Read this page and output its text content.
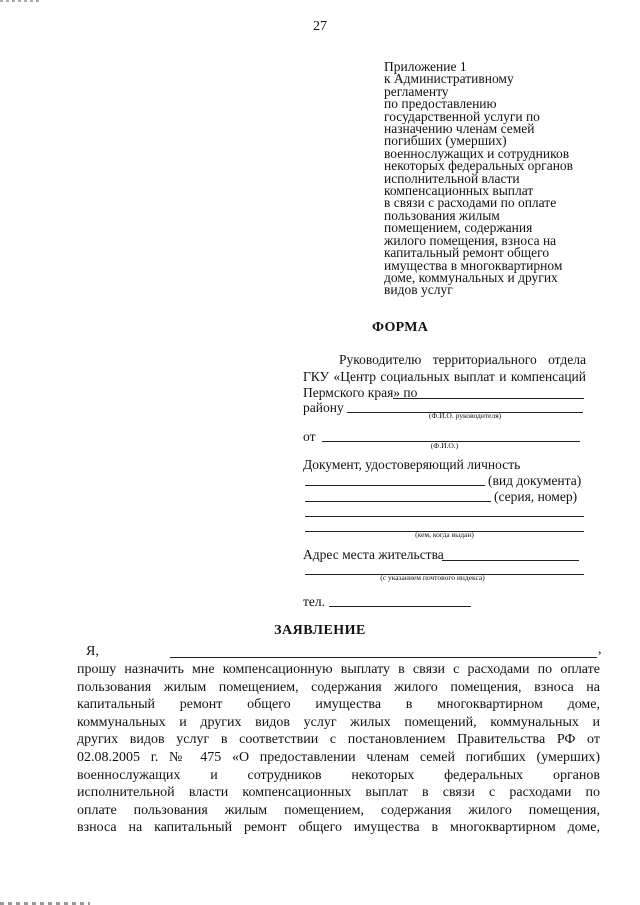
27
Приложение 1
к Административному
регламенту
по предоставлению
государственной услуги по
назначению членам семей
погибших (умерших)
военнослужащих и сотрудников
некоторых федеральных органов
исполнительной власти
компенсационных выплат
в связи с расходами по оплате
пользования жилым
помещением, содержания
жилого помещения, взноса на
капитальный ремонт общего
имущества в многоквартирном
доме, коммунальных и других
видов услуг
ФОРМА
Руководителю территориального отдела
ГКУ «Центр социальных выплат и компенсаций
Пермского края» по
району
(Ф.И.О. руководителя)
от
(Ф.И.О.)
Документ, удостоверяющий личность
(вид документа)
(серия, номер)
(кем, когда выдан)
Адрес места жительства
(с указанием почтового индекса)
тел.
ЗАЯВЛЕНИЕ
Я,	,
прошу назначить мне компенсационную выплату в связи с расходами по оплате
пользования жилым помещением, содержания жилого помещения, взноса на
капитальный ремонт общего имущества в многоквартирном доме,
коммунальных и других видов услуг жилых помещений, коммунальных и
других видов услуг в соответствии с постановлением Правительства РФ от
02.08.2005 г. № 475 «О предоставлении членам семей погибших (умерших)
военнослужащих и сотрудников некоторых федеральных органов
исполнительной власти компенсационных выплат в связи с расходами по
оплате пользования жилым помещением, содержания жилого помещения,
взноса на капитальный ремонт общего имущества в многоквартирном доме,
